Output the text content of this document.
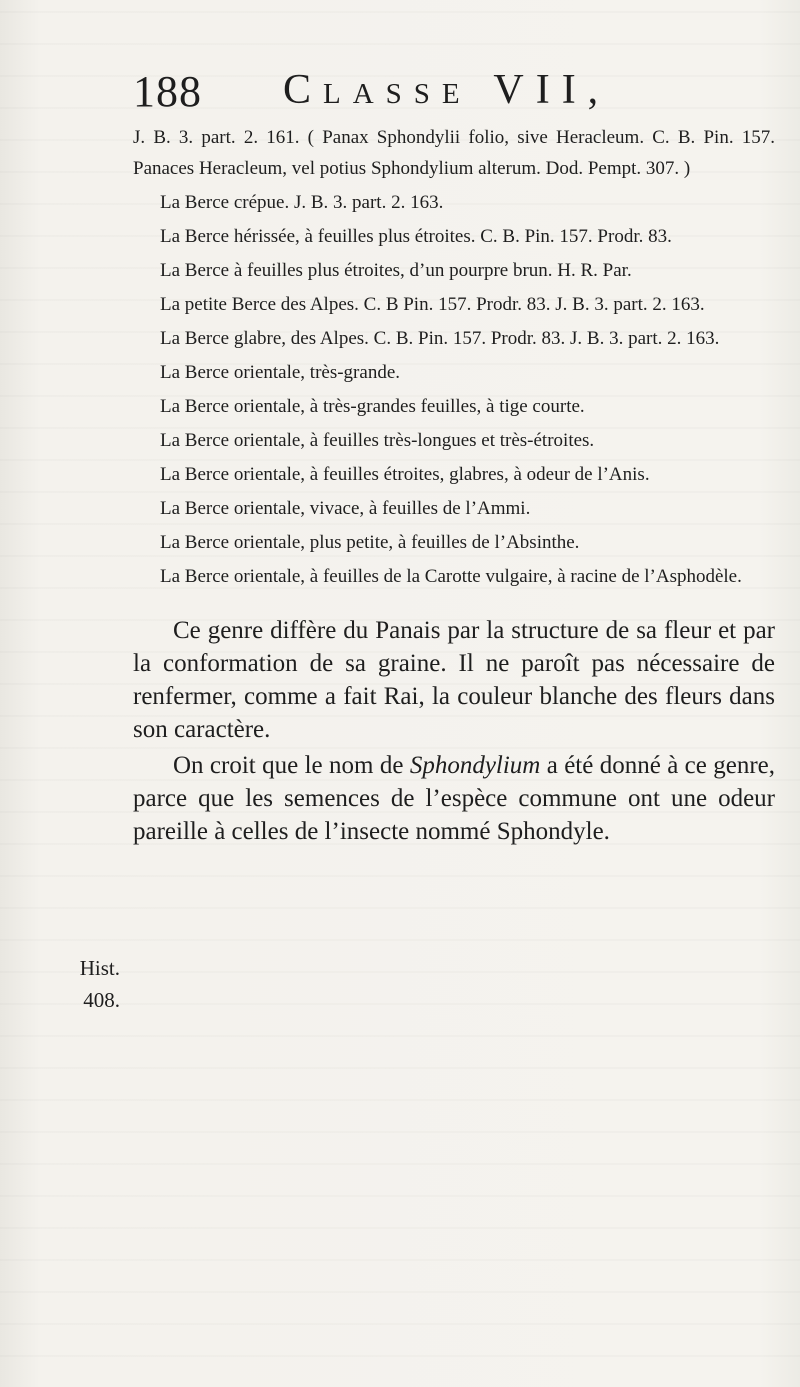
188 Classe VII,

J. B. 3. part. 2. 161. ( Panax Sphondylii folio, sive Heracleum. C. B. Pin. 157. Panaces Heracleum, vel potius Sphondylium alterum. Dod. Pempt. 307. )

La Berce crépue. J. B. 3. part. 2. 163.

La Berce hérissée, à feuilles plus étroites. C. B. Pin. 157. Prodr. 83.

La Berce à feuilles plus étroites, d’un pourpre brun. H. R. Par.

La petite Berce des Alpes. C. B Pin. 157. Prodr. 83. J. B. 3. part. 2. 163.

La Berce glabre, des Alpes. C. B. Pin. 157. Prodr. 83. J. B. 3. part. 2. 163.

La Berce orientale, très-grande.

La Berce orientale, à très-grandes feuilles, à tige courte.

La Berce orientale, à feuilles très-longues et très-étroites.

La Berce orientale, à feuilles étroites, glabres, à odeur de l’Anis.

La Berce orientale, vivace, à feuilles de l’Ammi.

La Berce orientale, plus petite, à feuilles de l’Absinthe.

La Berce orientale, à feuilles de la Carotte vulgaire, à racine de l’Asphodèle.

Ce genre diffère du Panais par la structure de sa fleur et par la conformation de sa graine. Il ne paroît pas nécessaire de renfermer, comme a fait Rai, la couleur blanche des fleurs dans son caractère.

On croit que le nom de Sphondylium a été donné à ce genre, parce que les semences de l’espèce commune ont une odeur pareille à celles de l’insecte nommé Sphondyle.

Hist.
408.
